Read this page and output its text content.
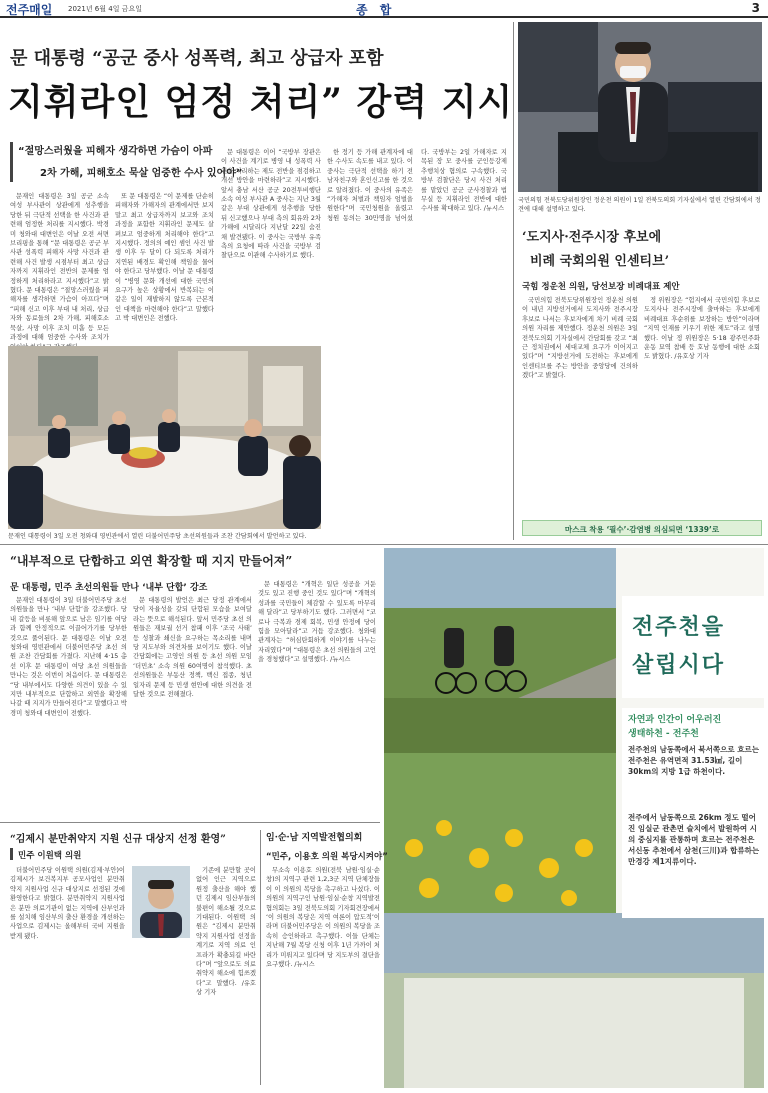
전주매일 2021년 6월 4일 금요일	종 합	3
문 대통령 “공군 중사 성폭력, 최고 상급자 포함
지휘라인 엄정 처리” 강력 지시
“절망스러웠을 피해자 생각하면 가슴이 아파
2차 가해, 피해호소 묵살 엄중한 수사 있어야”

문재인 대통령은 3일 공군 소속 여성 부사관이 상관에게 성추행을 당한 뒤 극단적 선택을 한 사건과 관련해 엄정한 처리를 지시했다. 박경미 청와대 대변인은 이날 오전 서면브리핑을 통해 “문 대통령은 공군 부사관 성폭력 피해자 사망 사건과 관련해 사건 발생 시점부터 최고 상급자까지 지휘라인 전반의 문제를 엄정하게 처리하라고 지시했다”고 밝혔다. 문 대통령은 “절망스러웠을 피해자를 생각하면 가슴이 아프다”며 “피해 신고 이후 부대 내 처리, 상급자와 동료들의 2차 가해, 피해호소 묵살, 사망 이후 조치 미흡 등 모든 과정에 대해 엄중한 수사와 조치가

또 문 대통령은 “이 문제를 단순히 피해자와 가해자의 관계에서만 보지 말고 최고 상급자까지 보고와 조치 과정을 포함한 지휘라인 문제도 살펴보고 엄중하게 처리해야 한다”고 지시했다. 정의의 예인 셈인 사건 발생 이후 두 달이 다 되도록 처리가 지연된 배경도 확인해 책임을 물어야 한다고 당부했다. 이날 문 대통령이 “병영 문화 개선에 대한 국민의 요구가 높은 상황에서 반복되는 이 같은 일이 재발하지 않도록 근본적인 대책을 마련해야 한다”고 말했다고 박 대변인은 전했다.

문 대통령은 이어 “국방부 장관은 이 사건을 계기로 병영 내 성폭력 사건을 처리하는 제도 전반을 점검하고 개선 방안을 마련하라”고 지시했다. 앞서 충남 서산 공군 20전투비행단 소속 여성 부사관 A 중사는 지난 3월 같은 부대 상관에게 성추행을 당한 뒤 신고했으나 부대 측의 회유와 2차 가해에 시달리다 지난달 22일 숨진 채 발견됐다. 이 중사는 국방부 유족 측의 요청에 따라 사건을 국방부 검찰단으로 이관해 수사하기로 했다.

한 정기 등 가해 관계자에 대한 수사도 속도를 내고 있다. 이 중사는 극단적 선택을 하기 전 남자친구와 혼인신고를 한 것으로 알려졌다. 이 중사의 유족은 “가해자 처벌과 책임자 엄벌을 원한다”며 국민청원을 올렸고 청원 동의는 30만명을 넘어섰다. 국방부는 2일 가해자로 지목된 장 모 중사를 군인등강제추행치상 혐의로 구속했다. 국방부 검찰단은 당시 사건 처리를 맡았던 공군 군사경찰과 법무실 등 지휘라인 전반에 대한 수사를 확대하고 있다. /뉴시스

문재인 대통령이 3일 오전 청와대 영빈관에서 열린 더불어민주당 초선의원들과 조찬 간담회에서 발언하고 있다.
국민의힘 전북도당위원장인 정운천 의원이 1일 전북도의회 기자실에서 열린 간담회에서 정견에 대해 설명하고 있다.
‘도지사·전주시장 후보에
비례 국회의원 인센티브’
국힘 정운천 의원, 당선보장 비례대표 제안

국민의힘 전북도당위원장인 정운천 의원이 내년 지방선거에서 도지사와 전주시장 후보로 나서는 후보자에게 차기 비례 국회의원 자리를 제안했다. 정운천 의원은 3일 전북도의회 기자실에서 간담회를 갖고 “최근 정치권에서 세대교체 요구가 이어지고 있다”며 “지방선거에 도전하는 후보에게 인센티브를 주는 방안을 중앙당에 건의하겠다”고 밝혔다.

정 위원장은 “험지에서 국민의힘 후보로 도지사나 전주시장에 출마하는 후보에게 비례대표 후순위를 보장하는 방안”이라며 “지역 인재를 키우기 위한 제도”라고 설명했다. 이날 정 위원장은 5·18 광주민주화운동 묘역 참배 등 호남 동행에 대한 소회도 밝혔다. /유호상 기자

마스크 착용 ‘필수’·감염병 의심되면 ‘1339’로
“내부적으로 단합하고 외연 확장할 때 지지 만들어져”
문 대통령, 민주 초선의원들 만나 ‘내부 단합’ 강조

문재인 대통령이 3일 더불어민주당 초선 의원들을 만나 ‘내부 단합’을 강조했다. 당내 갈등을 비롯해 앞으로 남은 임기를 여당과 함께 안정적으로 이끌어가기를 당부한 것으로 풀이된다. 문 대통령은 이날 오전 청와대 영빈관에서 더불어민주당 초선 의원 조찬 간담회를 가졌다. 지난해 4·15 총선 이후 문 대통령이 여당 초선 의원들을 만나는 것은 이번이 처음이다. 문 대통령은 “당 내부에서도 다양한 의견이 있을 수 있지만 내부적으로 단합하고 외연을 확장해 나갈 때 지지가 만들어진다”고 말했다고 박경미 청와대 대변인이 전했다.

문 대통령의 발언은 최근 당정 관계에서 당이 자율성을 갖되 단합된 모습을 보여달라는 뜻으로 해석된다. 앞서 민주당 초선 의원들은 재보궐 선거 참패 이후 ‘조국 사태’ 등 성찰과 쇄신을 요구하는 목소리를 내며 당 지도부와 의견차를 보이기도 했다. 이날 간담회에는 고영인 의원 등 초선 의원 모임 ‘더민초’ 소속 의원 60여명이 참석했다. 초선의원들은 부동산 정책, 백신 접종, 청년 일자리 문제 등 민생 현안에 대한 의견을 전달한 것으로 전해졌다.

문 대통령은 “개혁은 일단 성공을 거둔 것도 있고 진행 중인 것도 있다”며 “개혁의 성과를 국민들이 체감할 수 있도록 마무리해 달라”고 당부하기도 했다. 그러면서 “코로나 극복과 경제 회복, 민생 안정에 당이 힘을 모아달라”고 거듭 강조했다. 청와대 관계자는 “허심탄회하게 이야기를 나누는 자리였다”며 “대통령은 초선 의원들의 고언을 경청했다”고 설명했다. /뉴시스

전주천을
살립시다
자연과 인간이 어우러진
생태하천 - 전주천
전주천의 남동쪽에서 북서쪽으로 흐르는 전주천은 유역면적 31.53㎢, 길이 30km의 지방 1급 하천이다.
전주에서 남동쪽으로 26km 정도 떨어진 임실군 관촌면 슬치에서 발원하여 시의 중심지를 관통하며 흐르는 전주천은 서신동 추천에서 삼천(三川)과 합류하는 만경강 제1지류이다.
“김제시 분만취약지 지원 신규 대상지 선정 환영”
민주 이원택 의원

더불어민주당 이원택 의원(김제·부안)이 김제시가 보건복지부 공모사업인 분만취약지 지원사업 신규 대상지로 선정된 것에 환영한다고 밝혔다. 분만취약지 지원사업은 분만 의료기관이 없는 지역에 산부인과를 설치해 임산부의 출산 환경을 개선하는 사업으로 김제시는 올해부터 국비 지원을 받게 됐다.

기존에 분만할 곳이 없어 인근 지역으로 원정 출산을 해야 했던 김제시 임산부들의 불편이 해소될 것으로 기대된다. 이원택 의원은 “김제시 분만취약지 지원사업 선정을 계기로 지역 의료 인프라가 확충되길 바란다”며 “앞으로도 의료 취약지 해소에 힘쓰겠다”고 말했다. /유호상 기자

임·순·남 지역발전협의회
“민주, 이용호 의원 복당시켜야”

무소속 이용호 의원(전북 남원·임실·순창)의 지역구 관련 1,2,3군 지역 단체장들이 이 의원의 복당을 촉구하고 나섰다. 이 의원의 지역구인 남원·임실·순창 지역발전협의회는 3일 전북도의회 기자회견장에서 ‘이 의원의 복당은 지역 여론이 압도적’이라며 더불어민주당은 이 의원의 복당을 조속히 승인하라고 촉구했다. 이들 단체는 지난해 7월 복당 신청 이후 1년 가까이 처리가 미뤄지고 있다며 당 지도부의 결단을 요구했다. /뉴시스
